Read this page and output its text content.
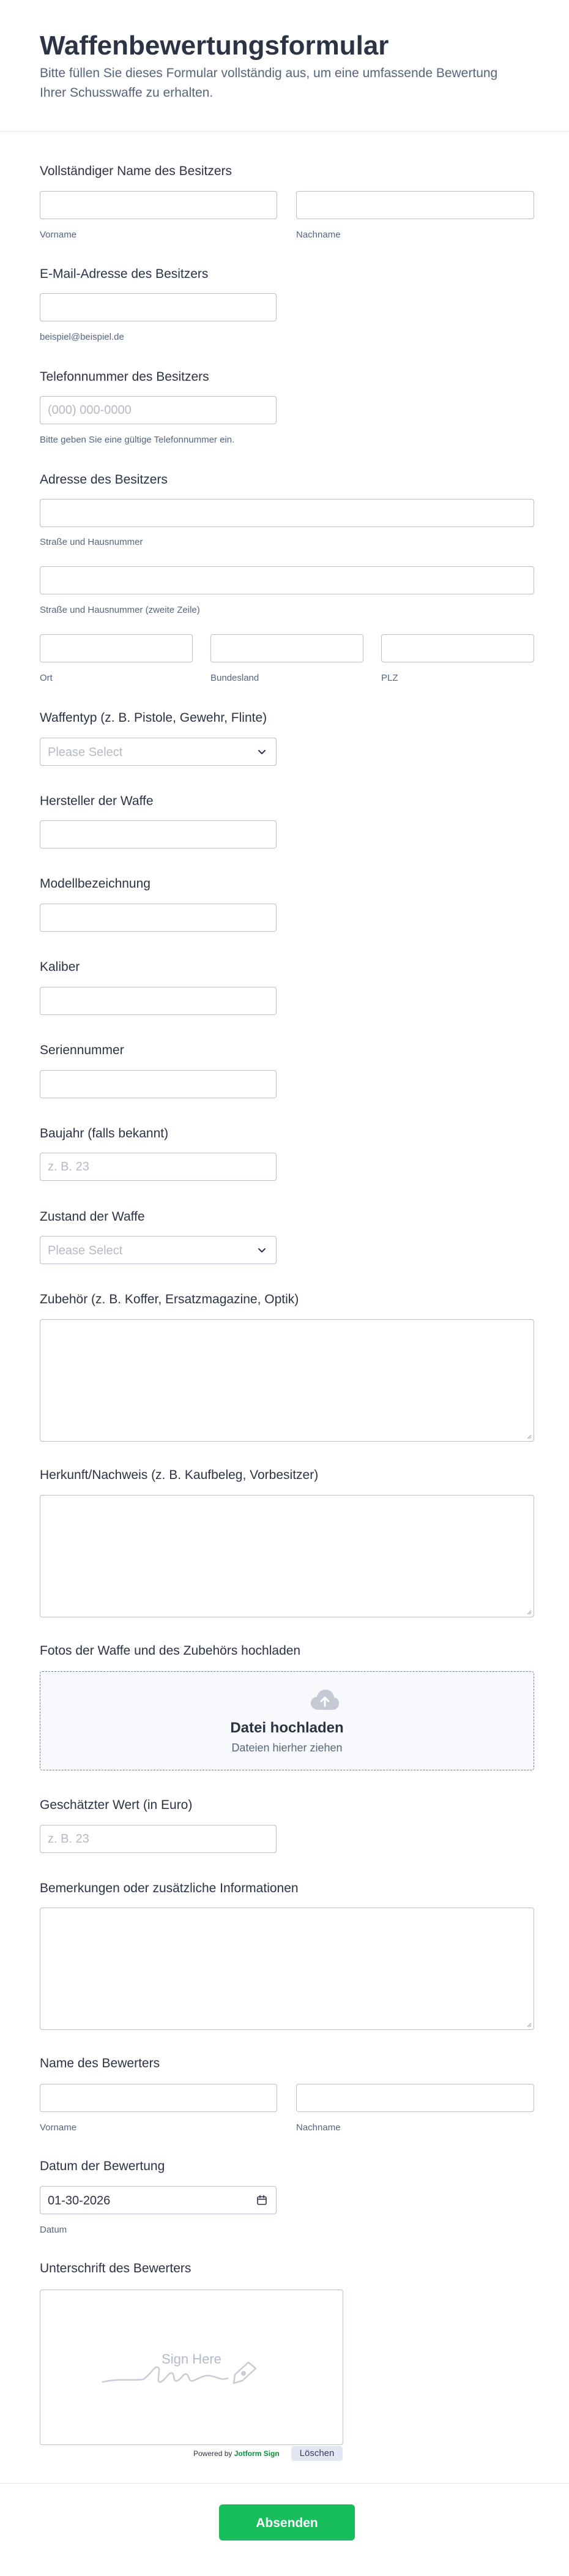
Waffenbewertungsformular

Bitte füllen Sie dieses Formular vollständig aus, um eine umfassende Bewertung Ihrer Schusswaffe zu erhalten.

Vollständiger Name des Besitzers
Vorname	Nachname
E-Mail-Adresse des Besitzers
beispiel@beispiel.de
Telefonnummer des Besitzers
(000) 000-0000
Bitte geben Sie eine gültige Telefonnummer ein.
Adresse des Besitzers
Straße und Hausnummer
Straße und Hausnummer (zweite Zeile)
Ort	Bundesland	PLZ
Waffentyp (z. B. Pistole, Gewehr, Flinte)
Please Select
Hersteller der Waffe
Modellbezeichnung
Kaliber
Seriennummer
Baujahr (falls bekannt)
z. B. 23
Zustand der Waffe
Please Select
Zubehör (z. B. Koffer, Ersatzmagazine, Optik)
Herkunft/Nachweis (z. B. Kaufbeleg, Vorbesitzer)
Fotos der Waffe und des Zubehörs hochladen
Datei hochladen
Dateien hierher ziehen
Geschätzter Wert (in Euro)
z. B. 23
Bemerkungen oder zusätzliche Informationen
Name des Bewerters
Vorname	Nachname
Datum der Bewertung
01-30-2026
Datum
Unterschrift des Bewerters
Sign Here
Powered by Jotform Sign	Löschen
Absenden
